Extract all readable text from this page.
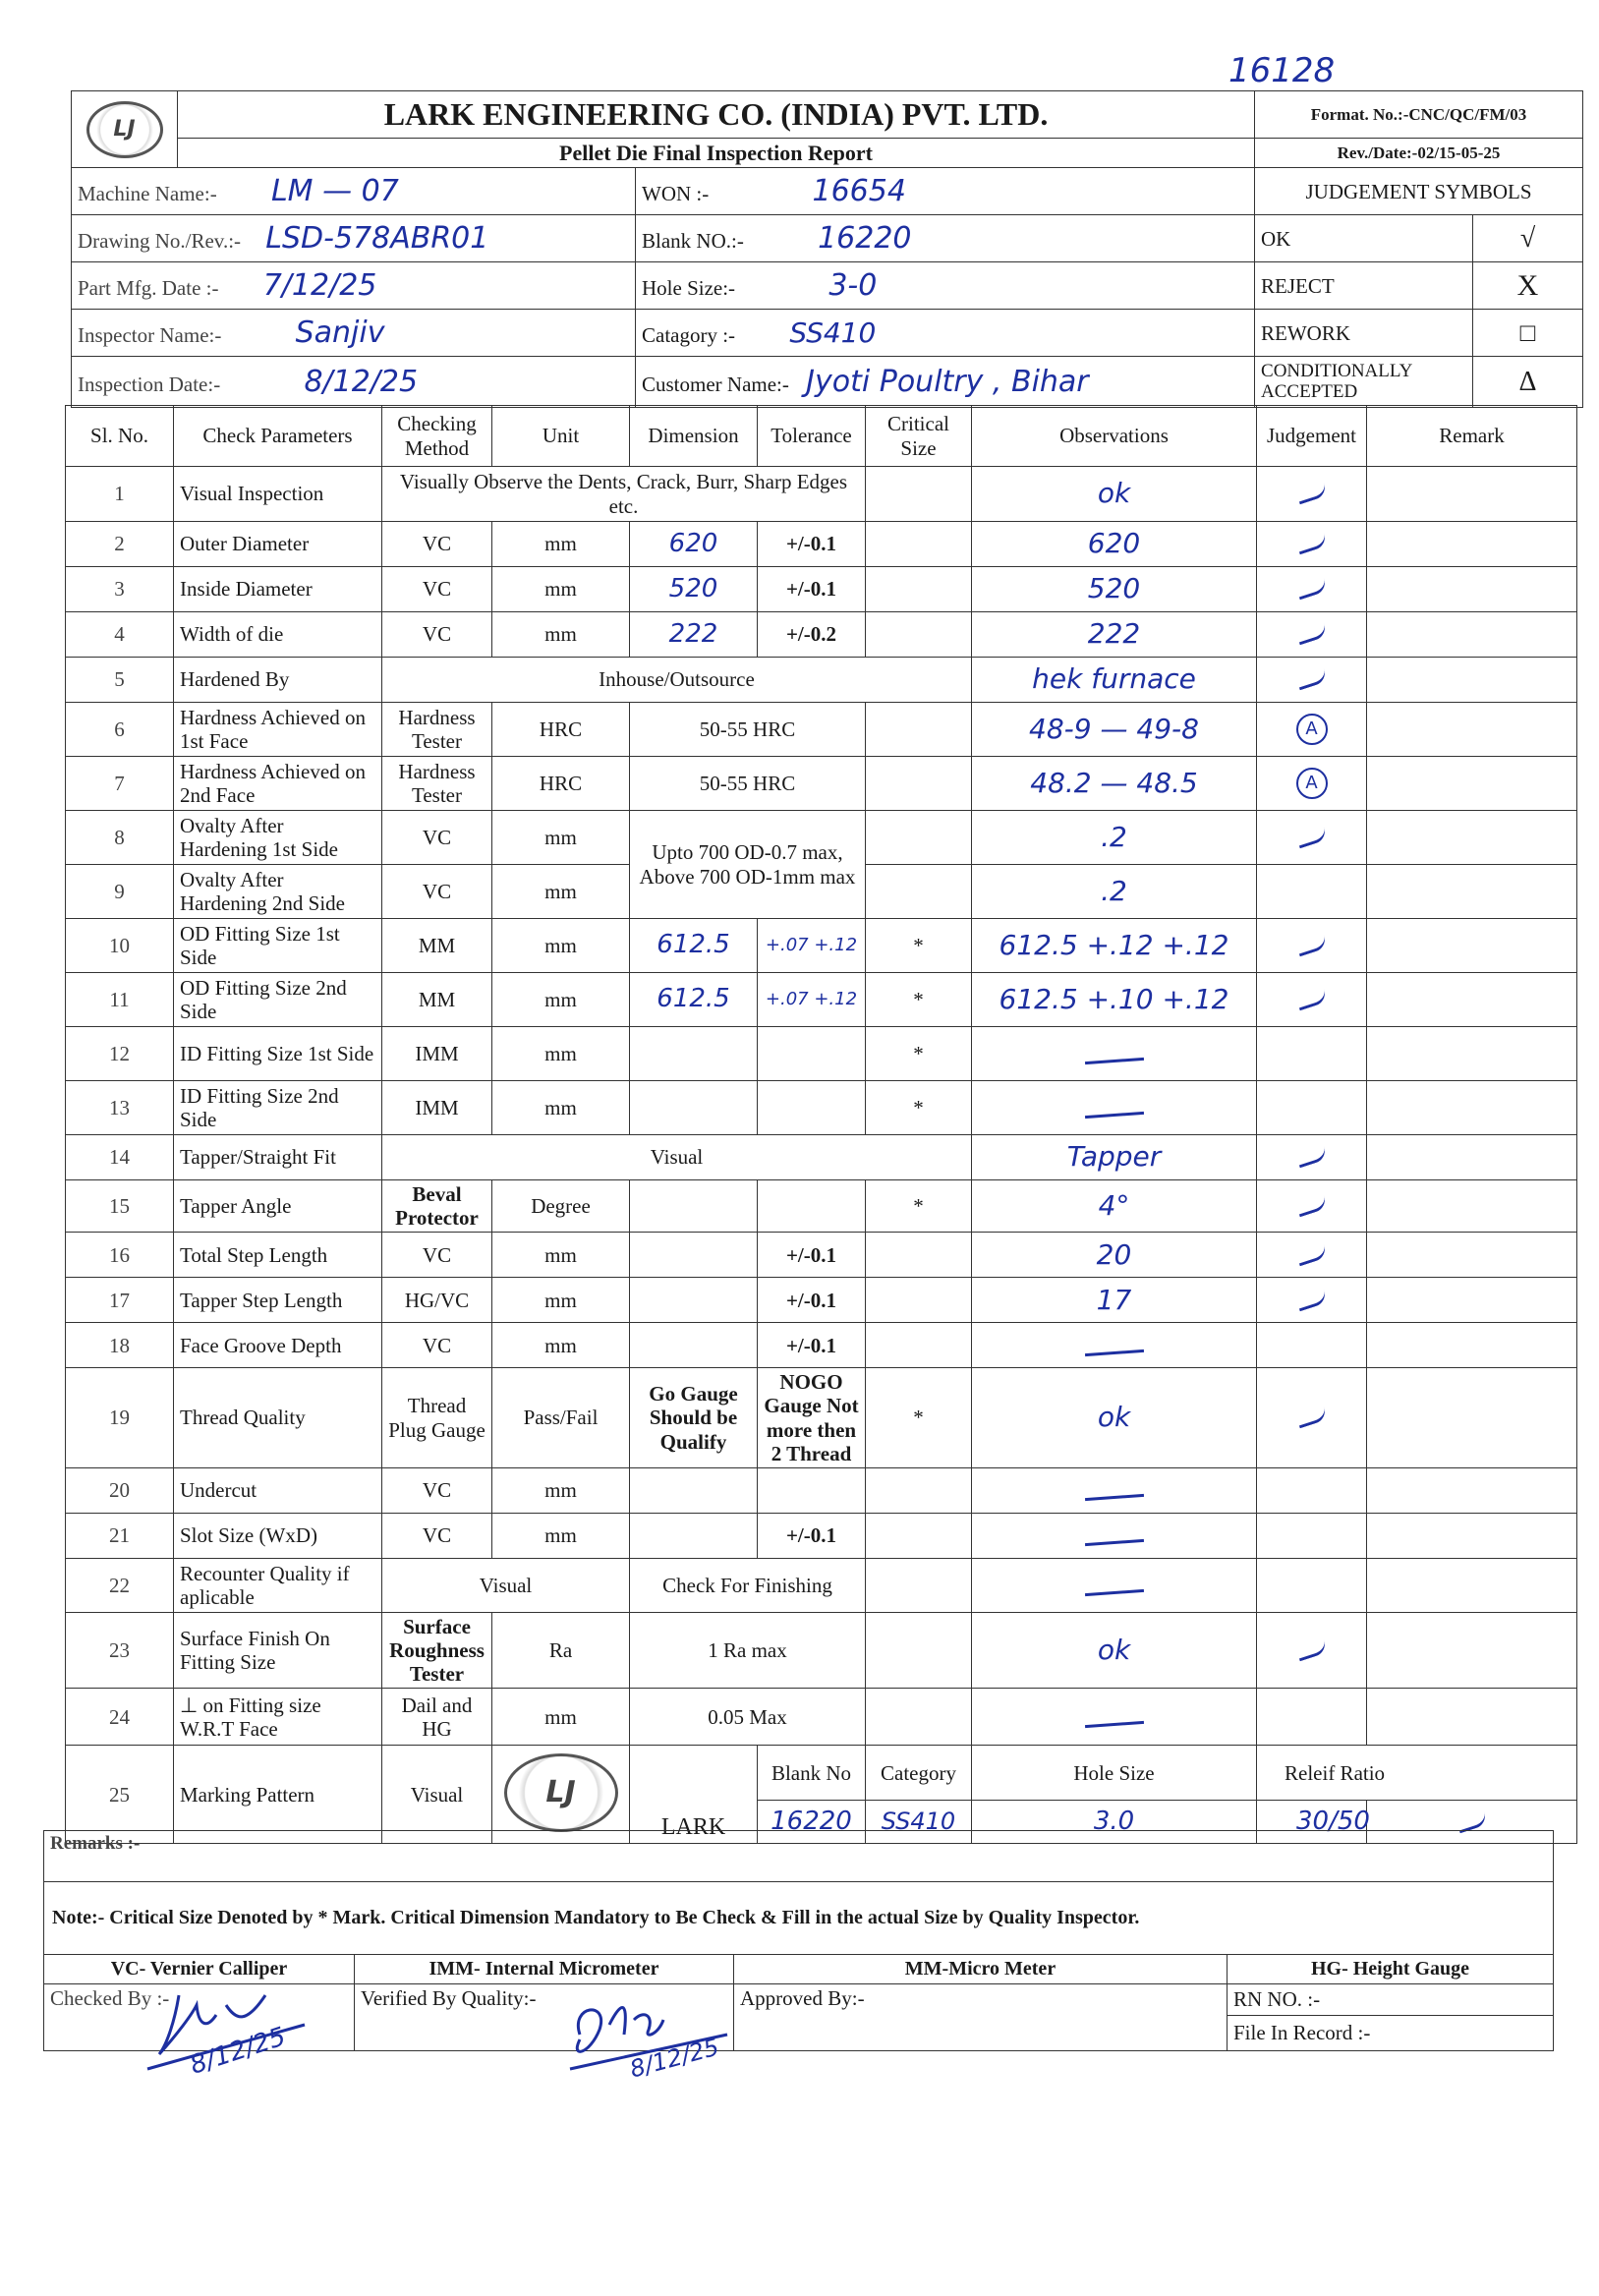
16128
LJ	LARK ENGINEERING CO. (INDIA) PVT. LTD.		Format. No.:-CNC/QC/FM/03	
	Pellet Die Final Inspection Report		Rev./Date:-02/15-05-25	
Machine Name:- LM — 07		WON :- 16654	JUDGEMENT SYMBOLS	
Drawing No./Rev.:- LSD-578ABR01		Blank NO.:- 16220	OK	√
Part Mfg. Date :- 7/12/25		Hole Size:- 3-0	REJECT	X
Inspector Name:- Sanjiv		Catagory :- SS410	REWORK	□
Inspection Date:- 8/12/25		Customer Name:- Jyoti Poultry , Bihar	CONDITIONALLY ACCEPTED	Δ
Sl. No.	Check Parameters	Checking Method	Unit	Dimension	Tolerance	Critical Size	Observations	Judgement	Remark
1	Visual Inspection	Visually Observe the Dents, Crack, Burr, Sharp Edges etc.					ok		
2	Outer Diameter	VC	mm	620	+/-0.1		620		
3	Inside Diameter	VC	mm	520	+/-0.1		520		
4	Width of die	VC	mm	222	+/-0.2		222		
5	Hardened By	Inhouse/Outsource					hek furnace		
6	Hardness Achieved on 1st Face	Hardness Tester	HRC	50-55 HRC			48-9 — 49-8	A	
7	Hardness Achieved on 2nd Face	Hardness Tester	HRC	50-55 HRC			48.2 — 48.5	A	
8	Ovalty After Hardening 1st Side	VC	mm	Upto 700 OD-0.7 max, Above 700 OD-1mm max			.2		
9	Ovalty After Hardening 2nd Side	VC	mm				.2		
10	OD Fitting Size 1st Side	MM	mm	612.5	+.07 +.12	*	612.5 +.12 +.12		
11	OD Fitting Size 2nd Side	MM	mm	612.5	+.07 +.12	*	612.5 +.10 +.12		
12	ID Fitting Size 1st Side	IMM	mm			*			
13	ID Fitting Size 2nd Side	IMM	mm			*			
14	Tapper/Straight Fit	Visual					Tapper		
15	Tapper Angle	Beval Protector	Degree			*	4°		
16	Total Step Length	VC	mm		+/-0.1		20		
17	Tapper Step Length	HG/VC	mm		+/-0.1		17		
18	Face Groove Depth	VC	mm		+/-0.1				
19	Thread Quality	Thread Plug Gauge	Pass/Fail	Go Gauge Should be Qualify	NOGO Gauge Not more then 2 Thread	*	ok		
20	Undercut	VC	mm						
21	Slot Size (WxD)	VC	mm		+/-0.1				
22	Recounter Quality if aplicable	Visual		Check For Finishing					
23	Surface Finish On Fitting Size	Surface Roughness Tester	Ra	1 Ra max			ok		
24	⊥ on Fitting size W.R.T Face	Dail and HG	mm	0.05 Max					
25	Marking Pattern	Visual	LJ	LARK	Blank No	Category	Hole Size	Releif Ratio	
					16220	SS410	3.0	30/50	
Remarks :-			
Note:- Critical Size Denoted by * Mark. Critical Dimension Mandatory to Be Check & Fill in the actual Size by Quality Inspector.			
VC- Vernier Calliper	IMM- Internal Micrometer	MM-Micro Meter	HG- Height Gauge
Checked By :-	Verified By Quality:-	Approved By:-	RN NO. :-
			File In Record :-
8/12/25	8/12/25
